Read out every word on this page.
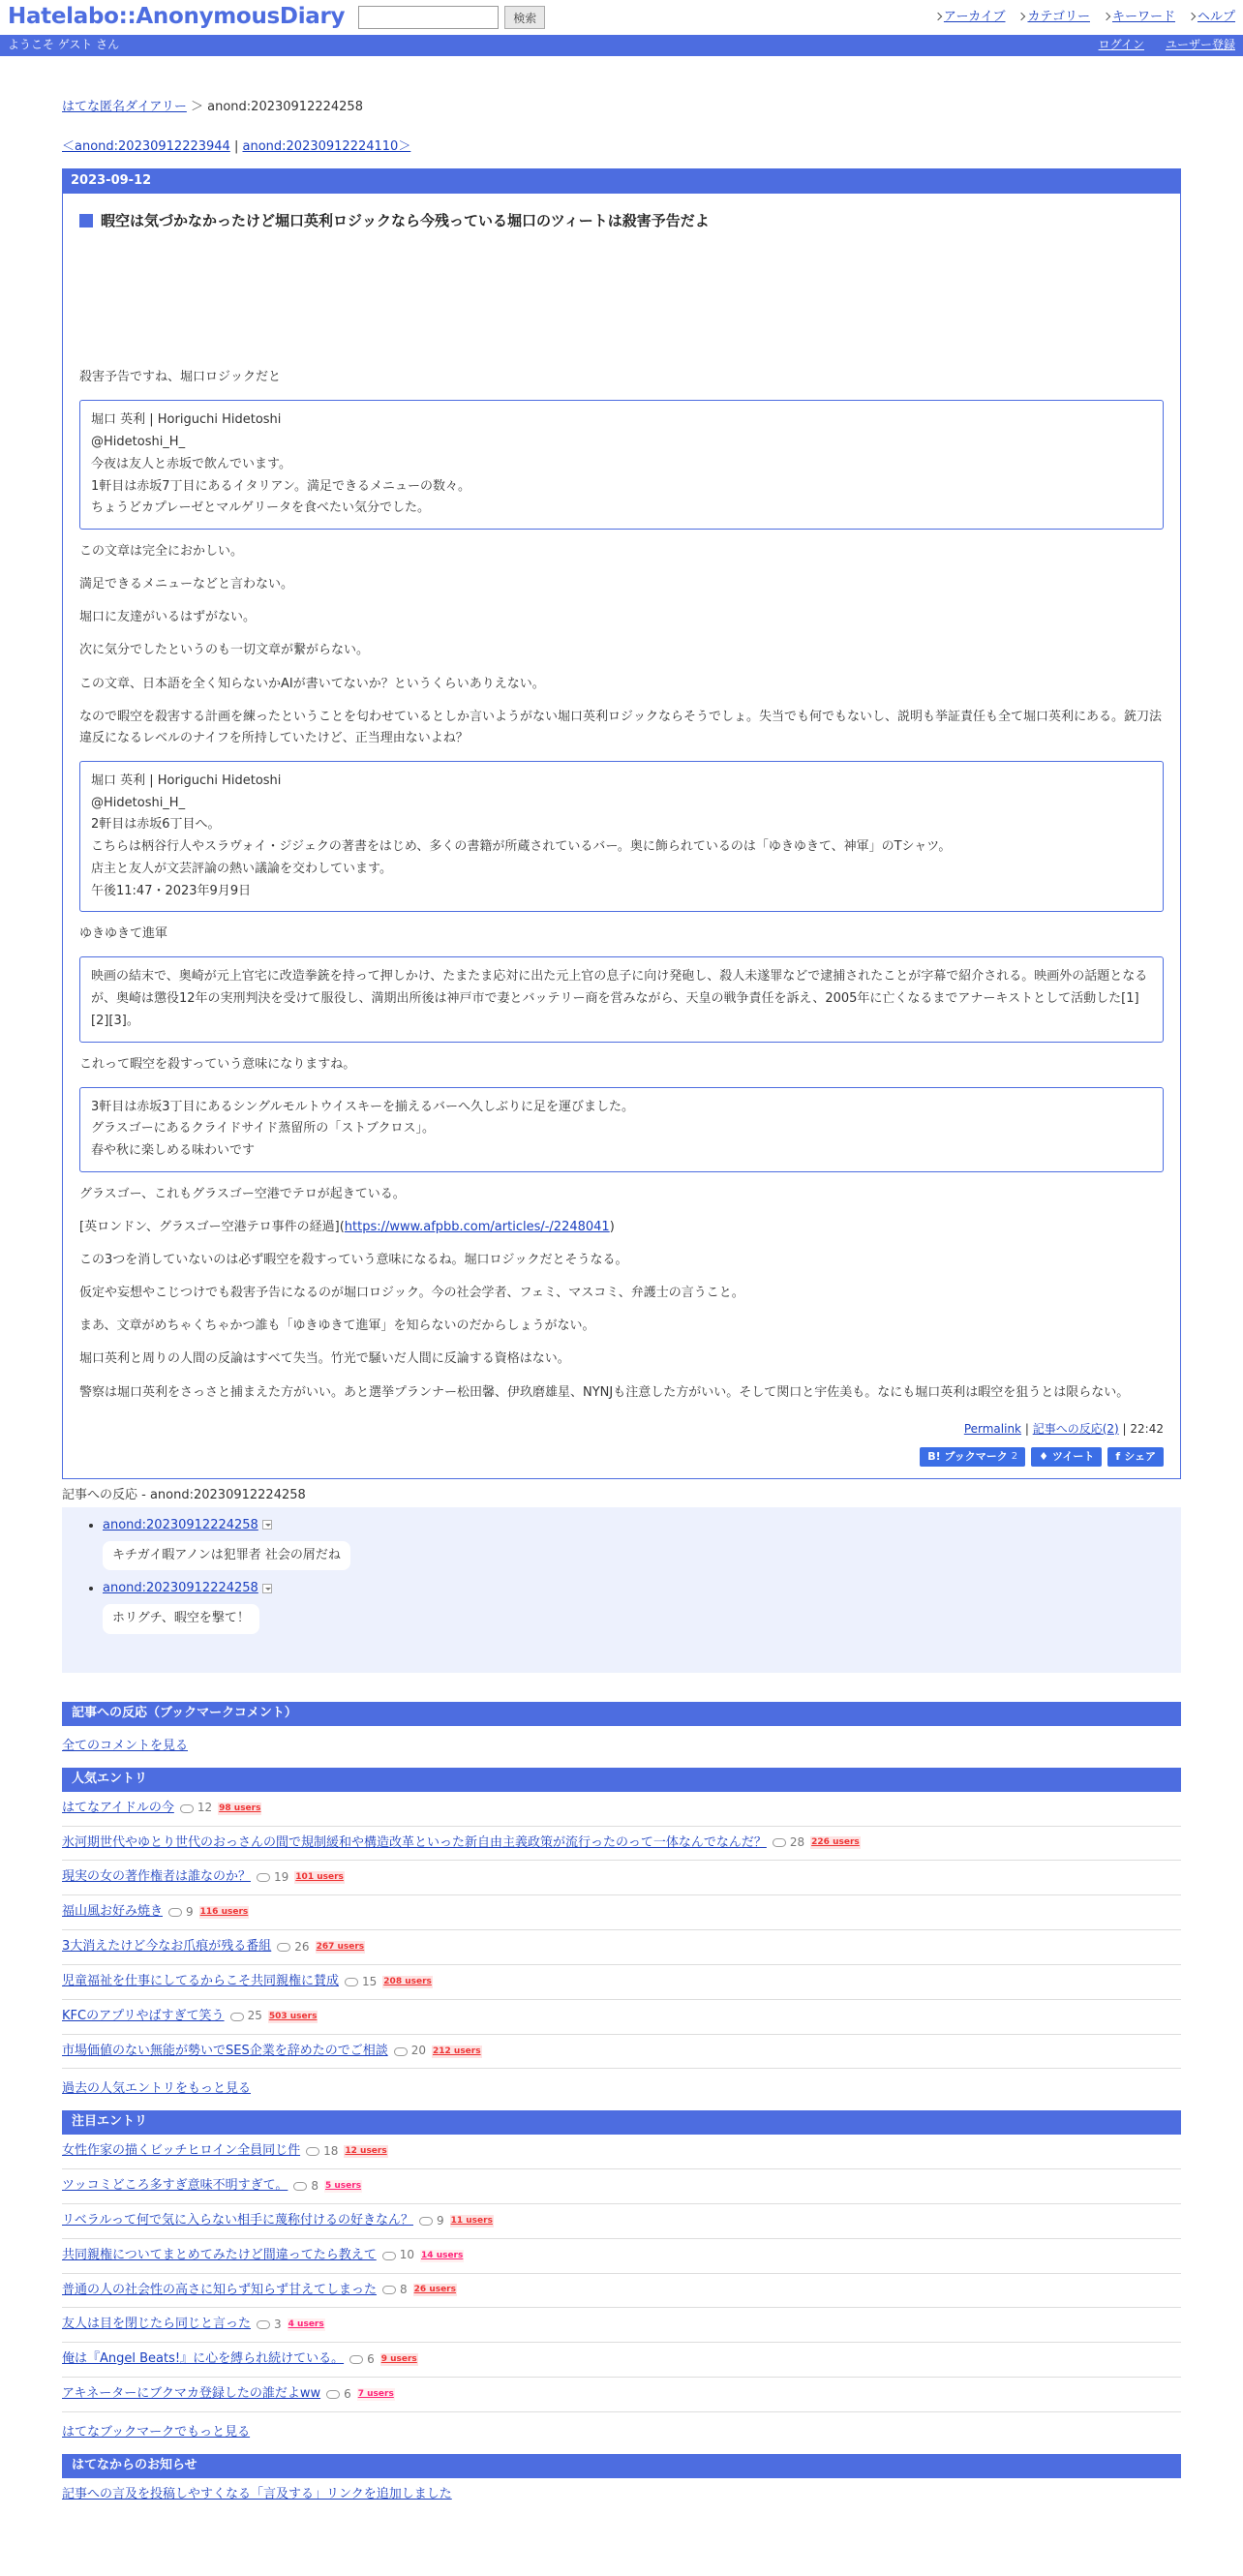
Hatelabo::AnonymousDiary	検索	アーカイブ	カテゴリー	キーワード	ヘルプ
ようこそ ゲスト さん	ログイン ユーザー登録
はてな匿名ダイアリー ＞ anond:20230912224258
＜anond:20230912223944 | anond:20230912224110＞
2023-09-12
暇空は気づかなかったけど堀口英利ロジックなら今残っている堀口のツィートは殺害予告だよ

殺害予告ですね、堀口ロジックだと

堀口 英利 | Horiguchi Hidetoshi
@Hidetoshi_H_
今夜は友人と赤坂で飲んでいます。
1軒目は赤坂7丁目にあるイタリアン。満足できるメニューの数々。
ちょうどカプレーゼとマルゲリータを食べたい気分でした。

この文章は完全におかしい。

満足できるメニューなどと言わない。

堀口に友達がいるはずがない。

次に気分でしたというのも一切文章が繋がらない。

この文章、日本語を全く知らないかAIが書いてないか？というくらいありえない。

なので暇空を殺害する計画を練ったということを匂わせているとしか言いようがない堀口英利ロジックならそうでしょ。失当でも何でもないし、説明も挙証責任も全て堀口英利にある。銃刀法違反になるレベルのナイフを所持していたけど、正当理由ないよね？

堀口 英利 | Horiguchi Hidetoshi
@Hidetoshi_H_
2軒目は赤坂6丁目へ。
こちらは柄谷行人やスラヴォイ・ジジェクの著書をはじめ、多くの書籍が所蔵されているバー。奥に飾られているのは「ゆきゆきて、神軍」のTシャツ。
店主と友人が文芸評論の熱い議論を交わしています。
午後11:47・2023年9月9日

ゆきゆきて進軍

映画の結末で、奥崎が元上官宅に改造拳銃を持って押しかけ、たまたま応対に出た元上官の息子に向け発砲し、殺人未遂罪などで逮捕されたことが字幕で紹介される。映画外の話題となるが、奥崎は懲役12年の実刑判決を受けて服役し、満期出所後は神戸市で妻とバッテリー商を営みながら、天皇の戦争責任を訴え、2005年に亡くなるまでアナーキストとして活動した[1][2][3]。

これって暇空を殺すっていう意味になりますね。

3軒目は赤坂3丁目にあるシングルモルトウイスキーを揃えるバーへ久しぶりに足を運びました。
グラスゴーにあるクライドサイド蒸留所の「ストブクロス」。
春や秋に楽しめる味わいです

グラスゴー、これもグラスゴー空港でテロが起きている。

[英ロンドン、グラスゴー空港テロ事件の経過](https://www.afpbb.com/articles/-/2248041)

この3つを消していないのは必ず暇空を殺すっていう意味になるね。堀口ロジックだとそうなる。

仮定や妄想やこじつけでも殺害予告になるのが堀口ロジック。今の社会学者、フェミ、マスコミ、弁護士の言うこと。

まあ、文章がめちゃくちゃかつ誰も「ゆきゆきて進軍」を知らないのだからしょうがない。

堀口英利と周りの人間の反論はすべて失当。竹光で騒いだ人間に反論する資格はない。

警察は堀口英利をさっさと捕まえた方がいい。あと選挙プランナー松田馨、伊玖磨雄星、NYNJも注意した方がいい。そして関口と宇佐美も。なにも堀口英利は暇空を狙うとは限らない。

Permalink | 記事への反応(2) | 22:42
B! ブックマーク 2 ♦ ツイート f シェア
記事への反応 - anond:20230912224258
• anond:20230912224258
キチガイ暇アノンは犯罪者 社会の屑だね
• anond:20230912224258
ホリグチ、暇空を撃て！
記事への反応（ブックマークコメント）
全てのコメントを見る
人気エントリ
はてなアイドルの今 12 98 users
氷河期世代やゆとり世代のおっさんの間で規制緩和や構造改革といった新自由主義政策が流行ったのって一体なんでなんだ？ 28 226 users
現実の女の著作権者は誰なのか？ 19 101 users
福山風お好み焼き 9 116 users
3大消えたけど今なお爪痕が残る番組 26 267 users
児童福祉を仕事にしてるからこそ共同親権に賛成 15 208 users
KFCのアプリやばすぎて笑う 25 503 users
市場価値のない無能が勢いでSES企業を辞めたのでご相談 20 212 users
過去の人気エントリをもっと見る
注目エントリ
女性作家の描くビッチヒロイン全員同じ件 18 12 users
ツッコミどころ多すぎ意味不明すぎて。 8 5 users
リベラルって何で気に入らない相手に蔑称付けるの好きなん？ 9 11 users
共同親権についてまとめてみたけど間違ってたら教えて 10 14 users
普通の人の社会性の高さに知らず知らず甘えてしまった 8 26 users
友人は目を閉じたら同じと言った 3 4 users
俺は『Angel Beats!』に心を縛られ続けている。 6 9 users
アキネーターにブクマカ登録したの誰だよww 6 7 users
はてなブックマークでもっと見る
はてなからのお知らせ
記事への言及を投稿しやすくなる「言及する」リンクを追加しました
